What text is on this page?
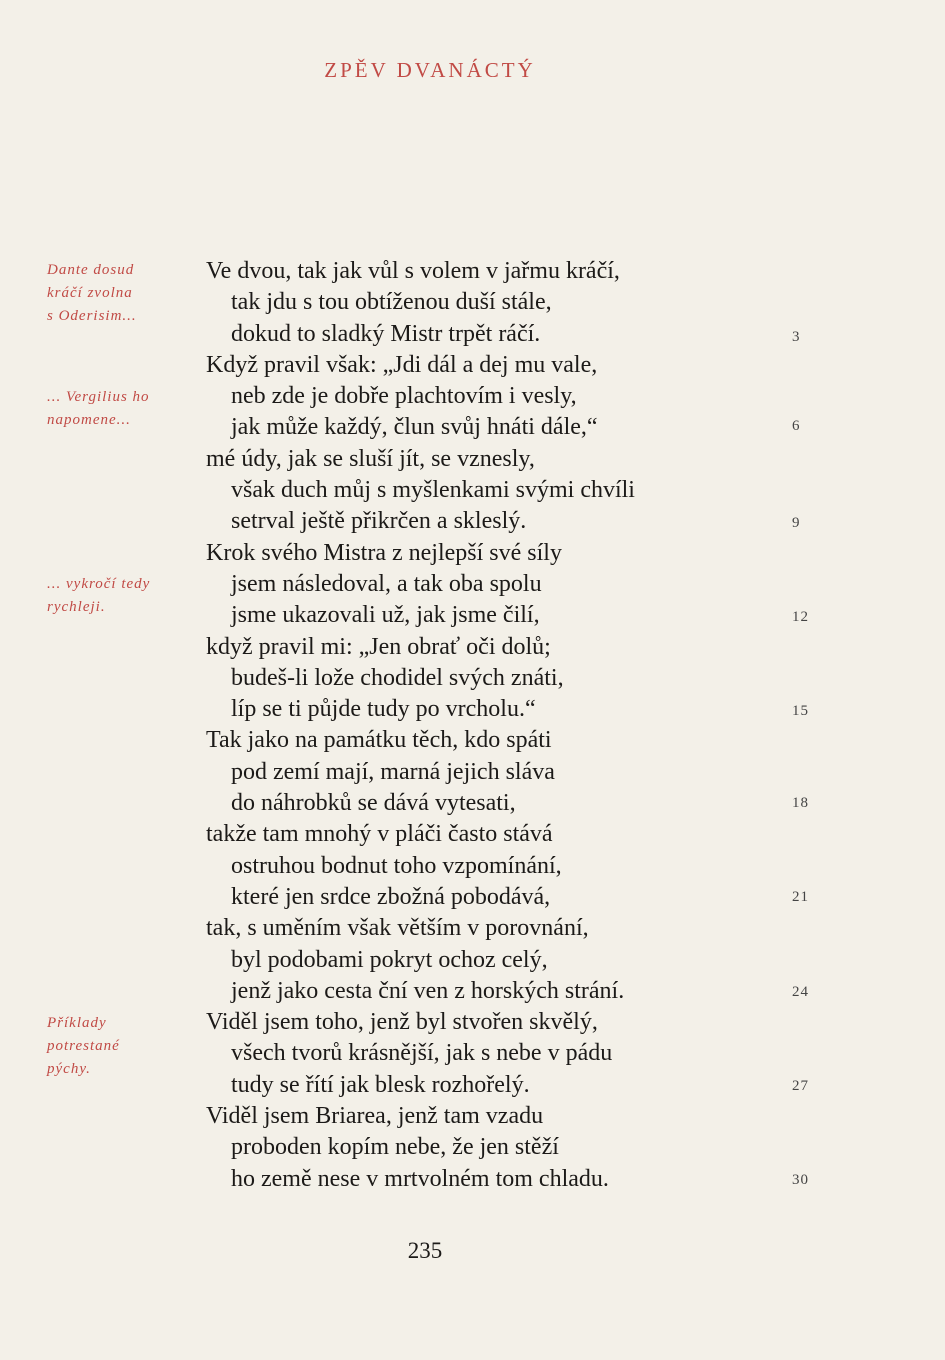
ZPĚV DVANÁCTÝ
Dante dosud
kráčí zvolna
s Oderisim...
... Vergilius ho
napomene...
... vykročí tedy
rychleji.
Příklady
potrestané
pýchy.
Ve dvou, tak jak vůl s volem v jařmu kráčí,
tak jdu s tou obtíženou duší stále,
dokud to sladký Mistr trpět ráčí.
Když pravil však: „Jdi dál a dej mu vale,
neb zde je dobře plachtovím i vesly,
jak může každý, člun svůj hnáti dále,“
mé údy, jak se sluší jít, se vznesly,
však duch můj s myšlenkami svými chvíli
setrval ještě přikrčen a skleslý.
Krok svého Mistra z nejlepší své síly
jsem následoval, a tak oba spolu
jsme ukazovali už, jak jsme čilí,
když pravil mi: „Jen obrať oči dolů;
budeš-li lože chodidel svých znáti,
líp se ti půjde tudy po vrcholu.“
Tak jako na památku těch, kdo spáti
pod zemí mají, marná jejich sláva
do náhrobků se dává vytesati,
takže tam mnohý v pláči často stává
ostruhou bodnut toho vzpomínání,
které jen srdce zbožná pobodává,
tak, s uměním však větším v porovnání,
byl podobami pokryt ochoz celý,
jenž jako cesta ční ven z horských strání.
Viděl jsem toho, jenž byl stvořen skvělý,
všech tvorů krásnější, jak s nebe v pádu
tudy se řítí jak blesk rozhořelý.
Viděl jsem Briarea, jenž tam vzadu
proboden kopím nebe, že jen stěží
ho země nese v mrtvolném tom chladu.
3
6
9
12
15
18
21
24
27
30
235
